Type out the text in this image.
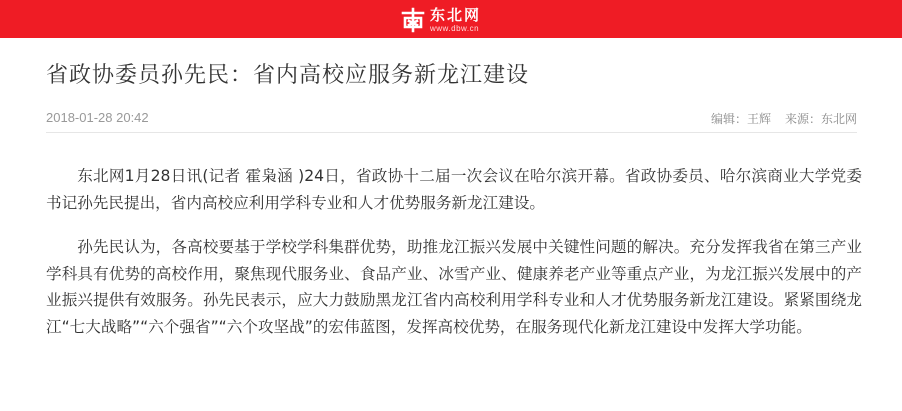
东北网
www.dbw.cn
省政协委员孙先民：省内高校应服务新龙江建设
2018-01-28 20:42	编辑：王辉 来源：东北网

东北网1月28日讯(记者 霍枭涵 )24日，省政协十二届一次会议在哈尔滨开幕。省政协委员、哈尔滨商业大学党委书记孙先民提出，省内高校应利用学科专业和人才优势服务新龙江建设。

孙先民认为，各高校要基于学校学科集群优势，助推龙江振兴发展中关键性问题的解决。充分发挥我省在第三产业学科具有优势的高校作用，聚焦现代服务业、食品产业、冰雪产业、健康养老产业等重点产业，为龙江振兴发展中的产业振兴提供有效服务。孙先民表示，应大力鼓励黑龙江省内高校利用学科专业和人才优势服务新龙江建设。紧紧围绕龙江“七大战略”“六个强省”“六个攻坚战”的宏伟蓝图，发挥高校优势，在服务现代化新龙江建设中发挥大学功能。
